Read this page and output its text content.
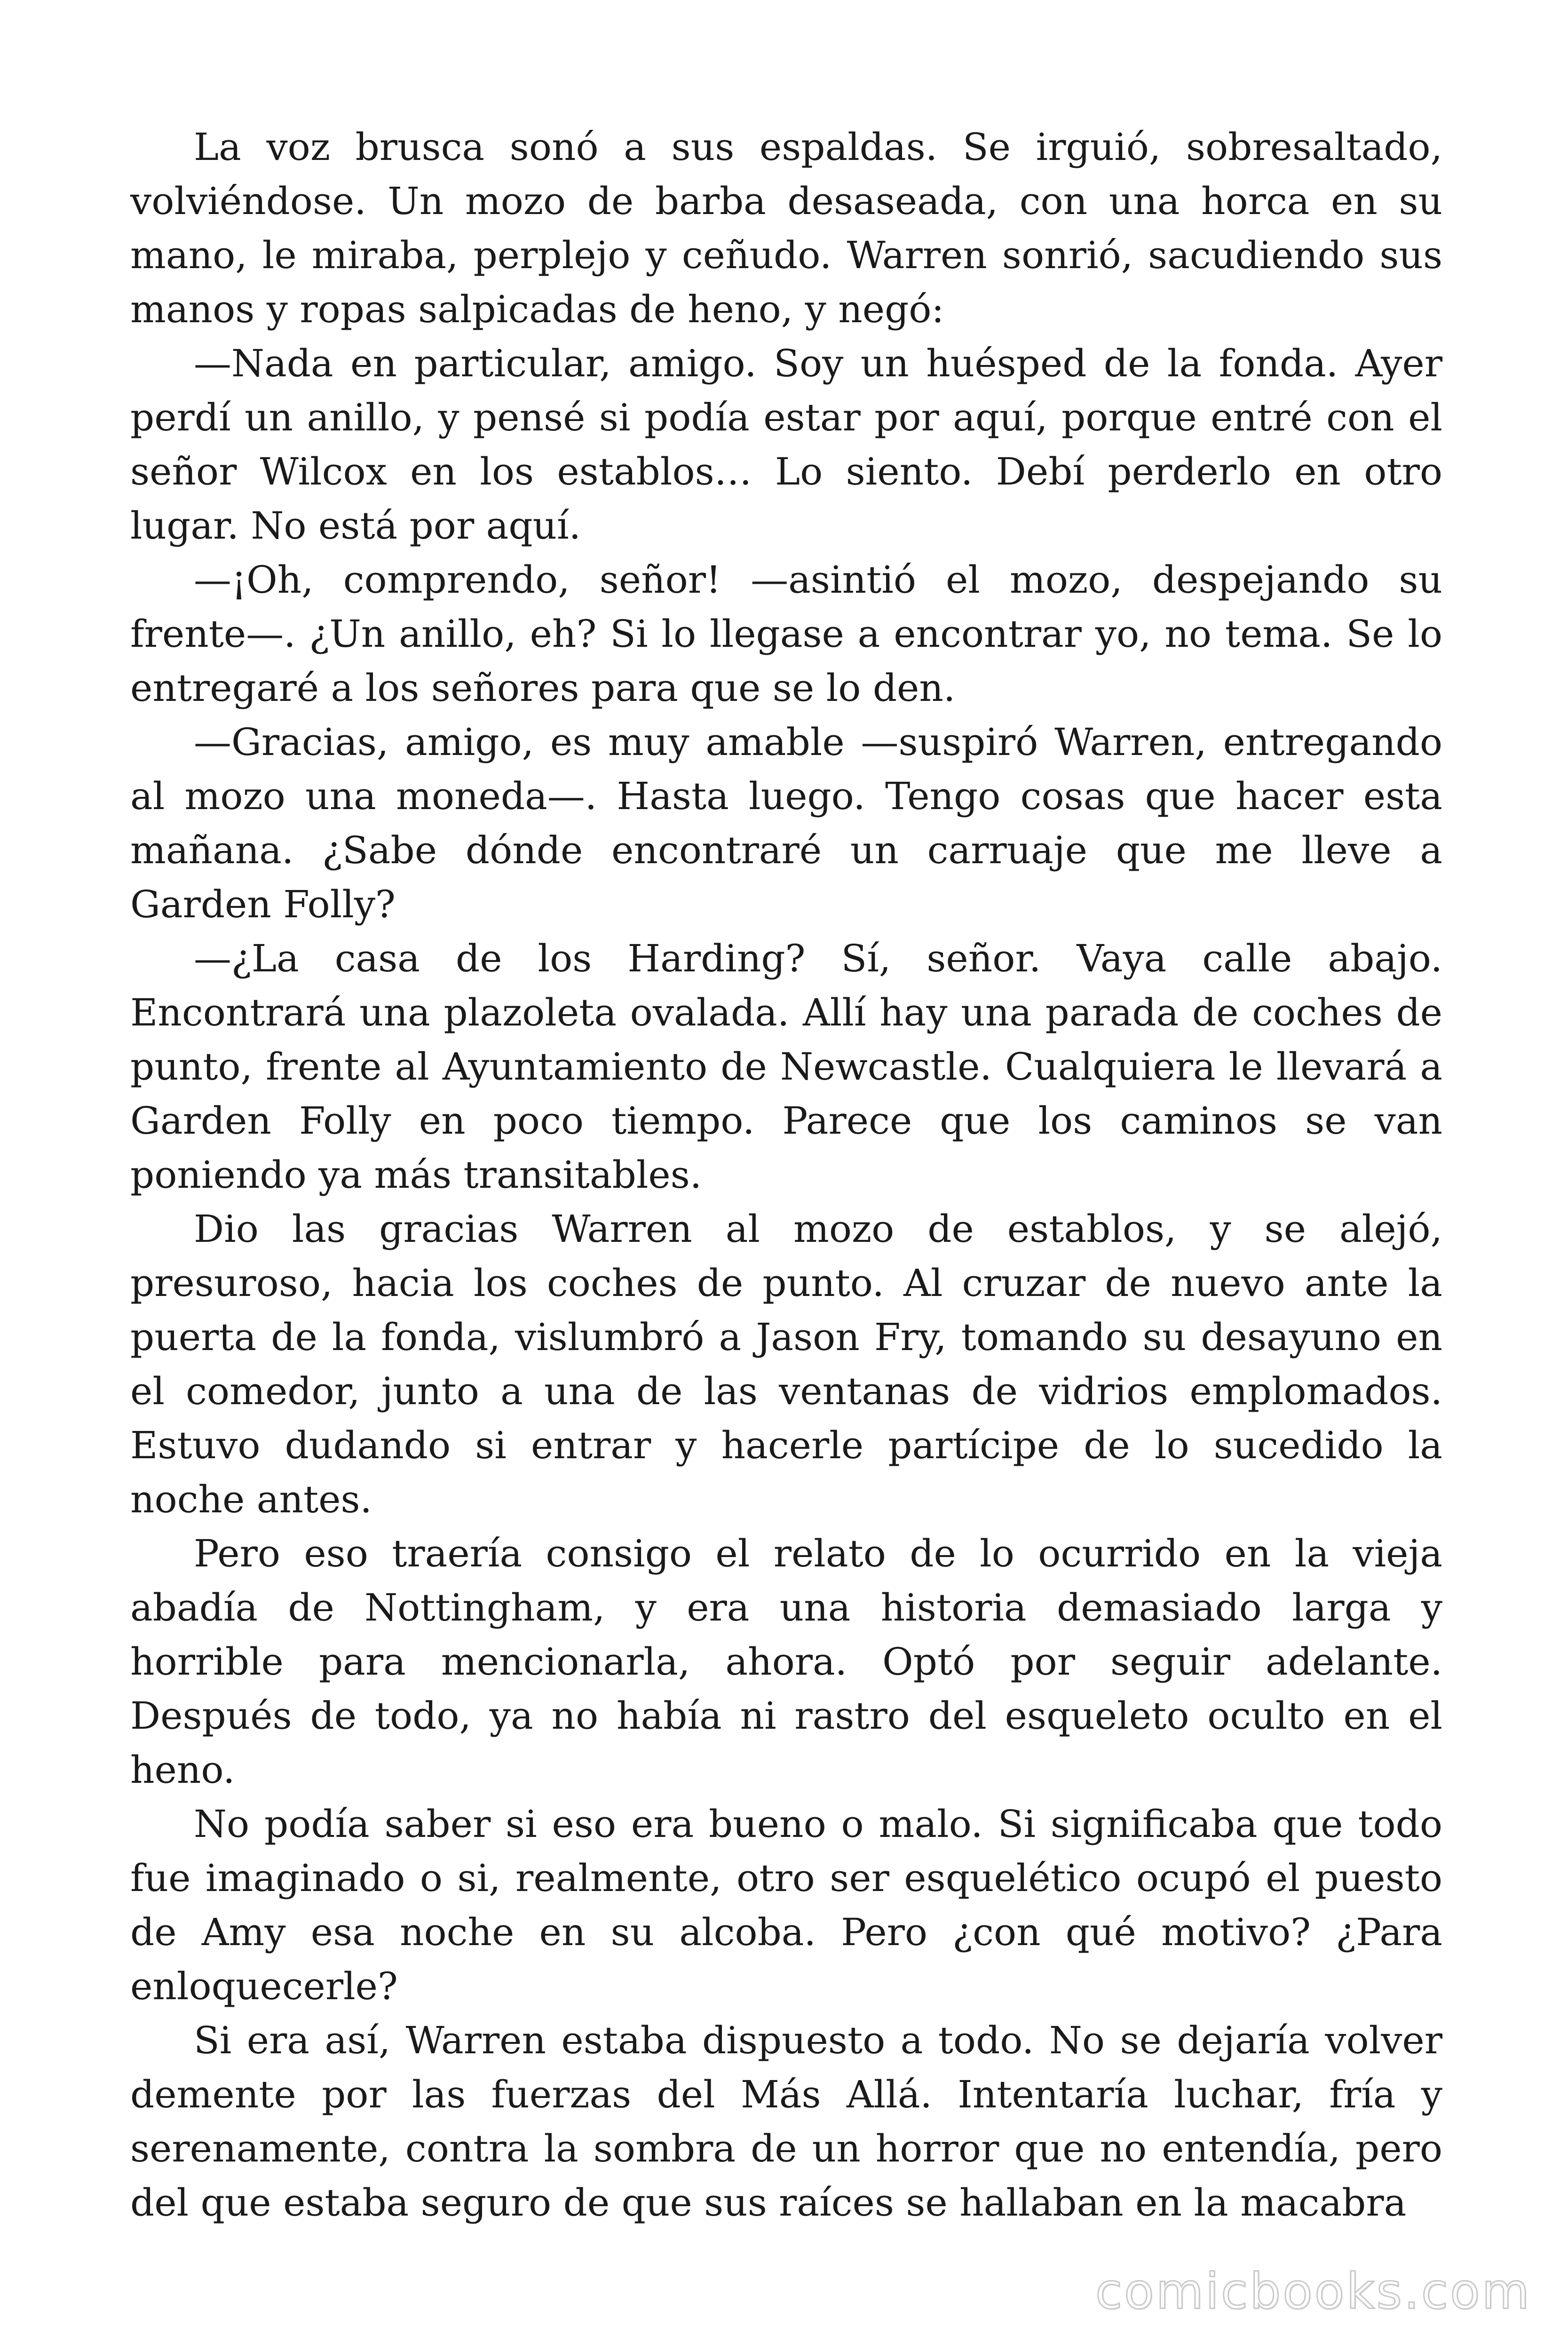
La voz brusca sonó a sus espaldas. Se irguió, sobresaltado, volviéndose. Un mozo de barba desaseada, con una horca en su mano, le miraba, perplejo y ceñudo. Warren sonrió, sacudiendo sus manos y ropas salpicadas de heno, y negó:

—Nada en particular, amigo. Soy un huésped de la fonda. Ayer perdí un anillo, y pensé si podía estar por aquí, porque entré con el señor Wilcox en los establos… Lo siento. Debí perderlo en otro lugar. No está por aquí.

—¡Oh, comprendo, señor! —asintió el mozo, despejando su frente—. ¿Un anillo, eh? Si lo llegase a encontrar yo, no tema. Se lo entregaré a los señores para que se lo den.

—Gracias, amigo, es muy amable —suspiró Warren, entregando al mozo una moneda—. Hasta luego. Tengo cosas que hacer esta mañana. ¿Sabe dónde encontraré un carruaje que me lleve a Garden Folly?

—¿La casa de los Harding? Sí, señor. Vaya calle abajo. Encontrará una plazoleta ovalada. Allí hay una parada de coches de punto, frente al Ayuntamiento de Newcastle. Cualquiera le llevará a Garden Folly en poco tiempo. Parece que los caminos se van poniendo ya más transitables.

Dio las gracias Warren al mozo de establos, y se alejó, presuroso, hacia los coches de punto. Al cruzar de nuevo ante la puerta de la fonda, vislumbró a Jason Fry, tomando su desayuno en el comedor, junto a una de las ventanas de vidrios emplomados. Estuvo dudando si entrar y hacerle partícipe de lo sucedido la noche antes.

Pero eso traería consigo el relato de lo ocurrido en la vieja abadía de Nottingham, y era una historia demasiado larga y horrible para mencionarla, ahora. Optó por seguir adelante. Después de todo, ya no había ni rastro del esqueleto oculto en el heno.

No podía saber si eso era bueno o malo. Si significaba que todo fue imaginado o si, realmente, otro ser esquelético ocupó el puesto de Amy esa noche en su alcoba. Pero ¿con qué motivo? ¿Para enloquecerle?

Si era así, Warren estaba dispuesto a todo. No se dejaría volver demente por las fuerzas del Más Allá. Intentaría luchar, fría y serenamente, contra la sombra de un horror que no entendía, pero del que estaba seguro de que sus raíces se hallaban en la macabra

comicbooks.com
